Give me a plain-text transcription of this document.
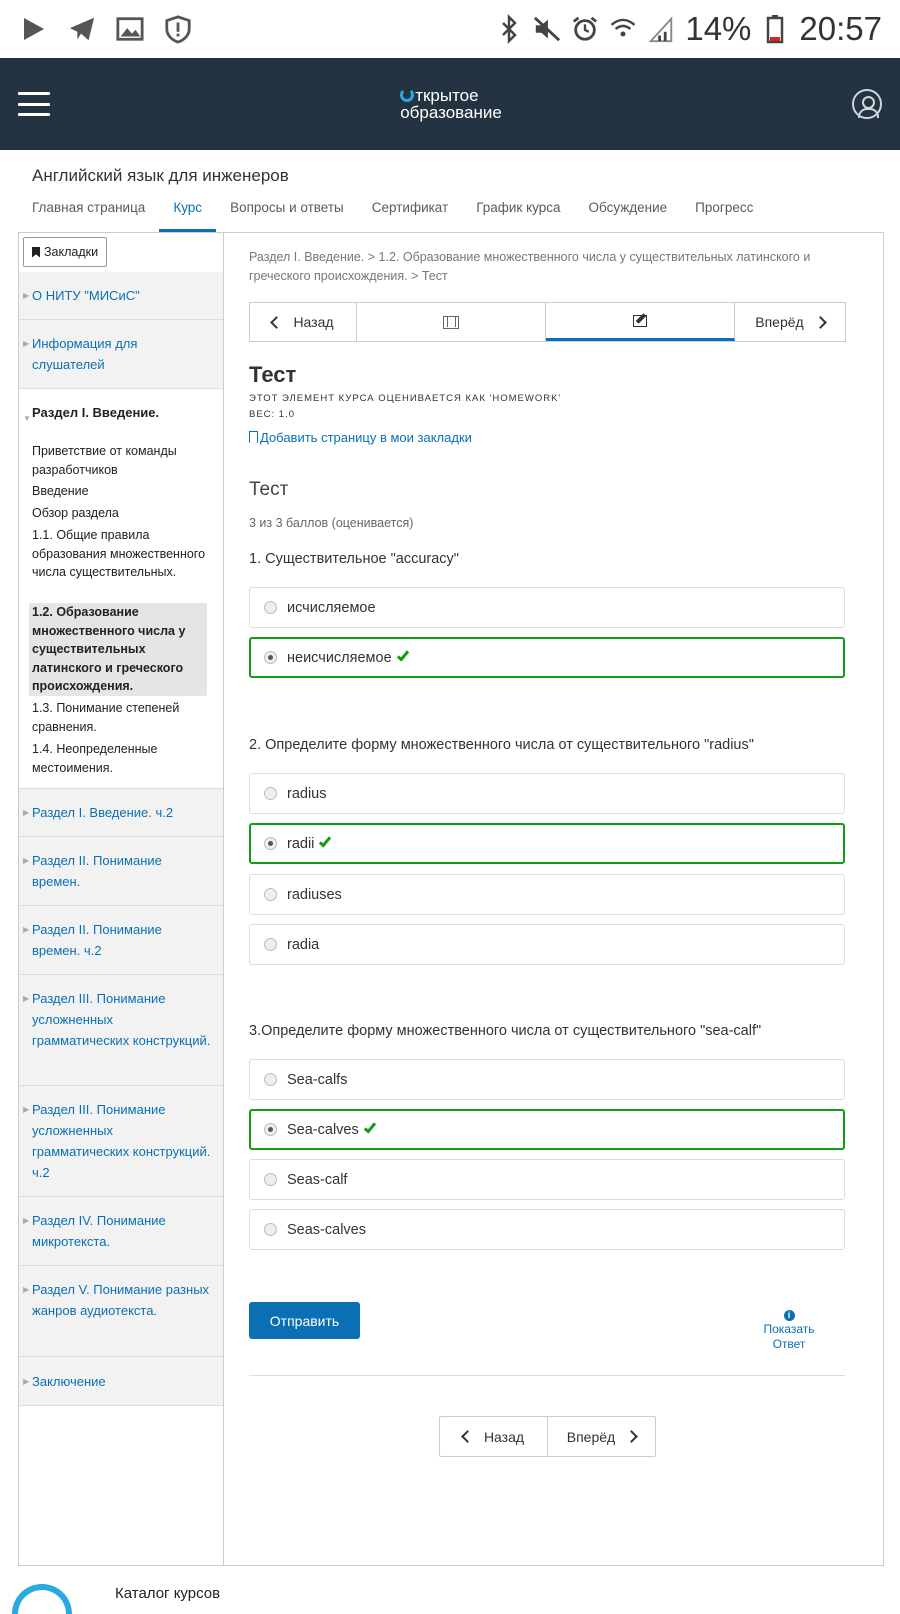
14% 20:57
ткрытое
образование
Английский язык для инженеров
Главная страница	Курс	Вопросы и ответы	Сертификат	График курса	Обсуждение	Прогресс
Закладки
▶ О НИТУ "МИСиС"
▶ Информация для слушателей
▼ Раздел I. Введение.
Приветствие от команды разработчиков
Введение
Обзор раздела
1.1. Общие правила образования множественного числа существительных.
1.2. Образование множественного числа у существительных латинского и греческого происхождения.
1.3. Понимание степеней сравнения.
1.4. Неопределенные местоимения.
▶ Раздел I. Введение. ч.2
▶ Раздел II. Понимание времен.
▶ Раздел II. Понимание времен. ч.2
▶ Раздел III. Понимание усложненных грамматических конструкций.
▶ Раздел III. Понимание усложненных грамматических конструкций. ч.2
▶ Раздел IV. Понимание микротекста.
▶ Раздел V. Понимание разных жанров аудиотекста.
▶ Заключение
Раздел I. Введение. > 1.2. Образование множественного числа у существительных латинского и греческого происхождения. > Тест
Назад	Вперёд
Тест
ЭТОТ ЭЛЕМЕНТ КУРСА ОЦЕНИВАЕТСЯ КАК 'HOMEWORK'
ВЕС: 1.0
Добавить страницу в мои закладки
Тест
3 из 3 баллов (оценивается)
1. Существительное "accuracy"
исчисляемое
неисчисляемое
2. Определите форму множественного числа от существительного "radius"
radius
radii
radiuses
radia
3.Определите форму множественного числа от существительного "sea-calf"
Sea-calfs
Sea-calves
Seas-calf
Seas-calves
Отправить	i
Показать Ответ
Назад	Вперёд
Каталог курсов
